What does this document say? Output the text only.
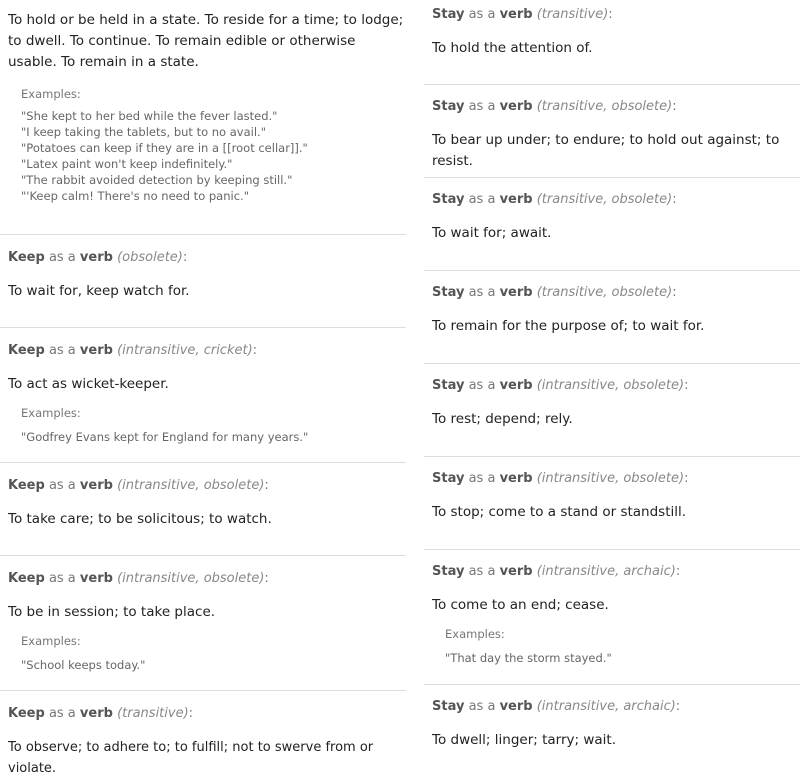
To hold or be held in a state. To reside for a time; to lodge; to dwell. To continue. To remain edible or otherwise usable. To remain in a state.
Examples:
"She kept to her bed while the fever lasted."
"I keep taking the tablets, but to no avail."
"Potatoes can keep if they are in a [[root cellar]]."
"Latex paint won't keep indefinitely."
"The rabbit avoided detection by keeping still."
"'Keep calm! There's no need to panic."
Keep as a verb (obsolete):
To wait for, keep watch for.
Keep as a verb (intransitive, cricket):
To act as wicket-keeper.
Examples:
"Godfrey Evans kept for England for many years."
Keep as a verb (intransitive, obsolete):
To take care; to be solicitous; to watch.
Keep as a verb (intransitive, obsolete):
To be in session; to take place.
Examples:
"School keeps today."
Keep as a verb (transitive):
To observe; to adhere to; to fulfill; not to swerve from or violate.
Stay as a verb (transitive):
To hold the attention of.
Stay as a verb (transitive, obsolete):
To bear up under; to endure; to hold out against; to resist.
Stay as a verb (transitive, obsolete):
To wait for; await.
Stay as a verb (transitive, obsolete):
To remain for the purpose of; to wait for.
Stay as a verb (intransitive, obsolete):
To rest; depend; rely.
Stay as a verb (intransitive, obsolete):
To stop; come to a stand or standstill.
Stay as a verb (intransitive, archaic):
To come to an end; cease.
Examples:
"That day the storm stayed."
Stay as a verb (intransitive, archaic):
To dwell; linger; tarry; wait.
